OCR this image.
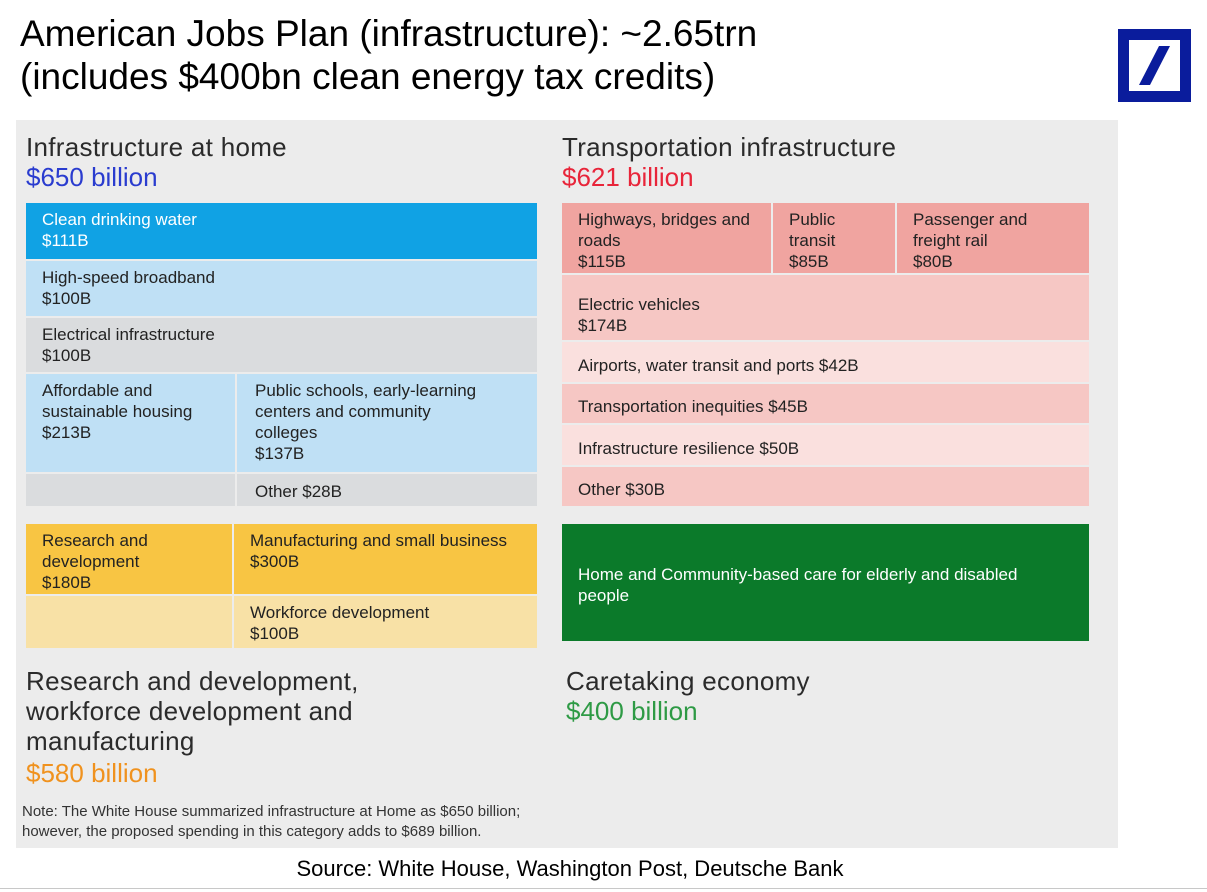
American Jobs Plan (infrastructure): ~2.65trn
(includes $400bn clean energy tax credits)
Infrastructure at home
$650 billion
Clean drinking water
$111B
High-speed broadband
$100B
Electrical infrastructure
$100B
Affordable and sustainable housing
$213B
Public schools, early-learning centers and community colleges
$137B
Other $28B
Transportation infrastructure
$621 billion
Highways, bridges and roads
$115B
Public transit
$85B
Passenger and freight rail
$80B
Electric vehicles
$174B
Airports, water transit and ports $42B
Transportation inequities $45B
Infrastructure resilience $50B
Other $30B
Research and development
$180B
Manufacturing and small business
$300B
Workforce development
$100B
Research and development,
workforce development and
manufacturing
$580 billion
Home and Community-based care for elderly and disabled people
Caretaking economy
$400 billion
Note: The White House summarized infrastructure at Home as $650 billion;
however, the proposed spending in this category adds to $689 billion.
Source: White House, Washington Post, Deutsche Bank
